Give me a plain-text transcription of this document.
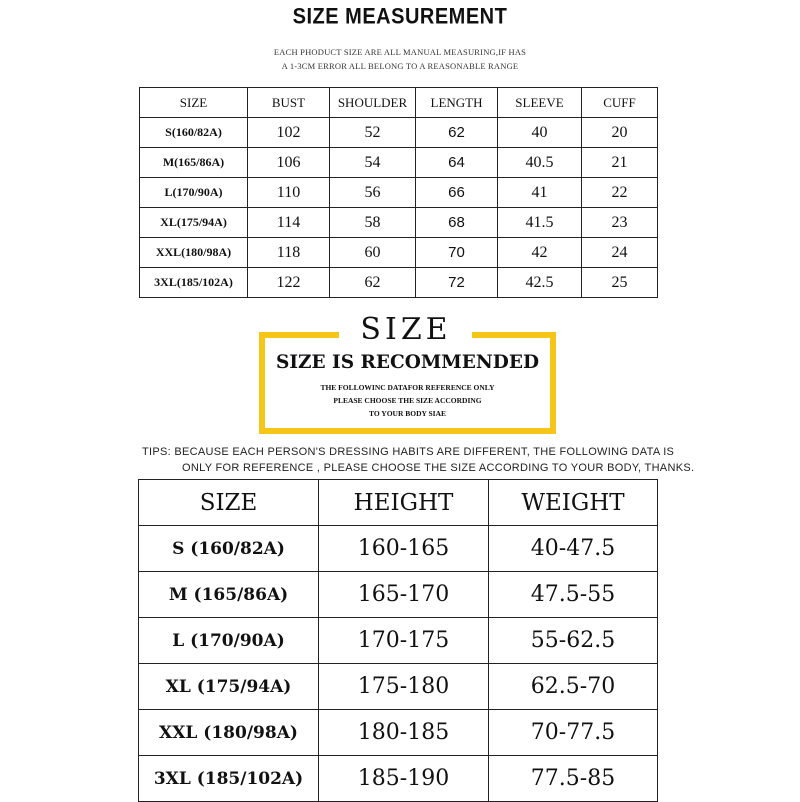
SIZE MEASUREMENT
EACH PHODUCT SIZE ARE ALL MANUAL MEASURING,IF HAS
A 1-3CM ERROR ALL BELONG TO A REASONABLE RANGE
SIZE	BUST	SHOULDER	LENGTH	SLEEVE	CUFF
S(160/82A)	102	52	62	40	20
M(165/86A)	106	54	64	40.5	21
L(170/90A)	110	56	66	41	22
XL(175/94A)	114	58	68	41.5	23
XXL(180/98A)	118	60	70	42	24
3XL(185/102A)	122	62	72	42.5	25
SIZE
SIZE IS RECOMMENDED
THE FOLLOWINC DATAFOR REFERENCE ONLY
PLEASE CHOOSE THE SIZE ACCORDING
TO YOUR BODY SIAE
TIPS: BECAUSE EACH PERSON'S DRESSING HABITS ARE DIFFERENT, THE FOLLOWING DATA IS
ONLY FOR REFERENCE , PLEASE CHOOSE THE SIZE ACCORDING TO YOUR BODY, THANKS.
SIZE	HEIGHT	WEIGHT
S (160/82A)	160-165	40-47.5
M (165/86A)	165-170	47.5-55
L (170/90A)	170-175	55-62.5
XL (175/94A)	175-180	62.5-70
XXL (180/98A)	180-185	70-77.5
3XL (185/102A)	185-190	77.5-85
